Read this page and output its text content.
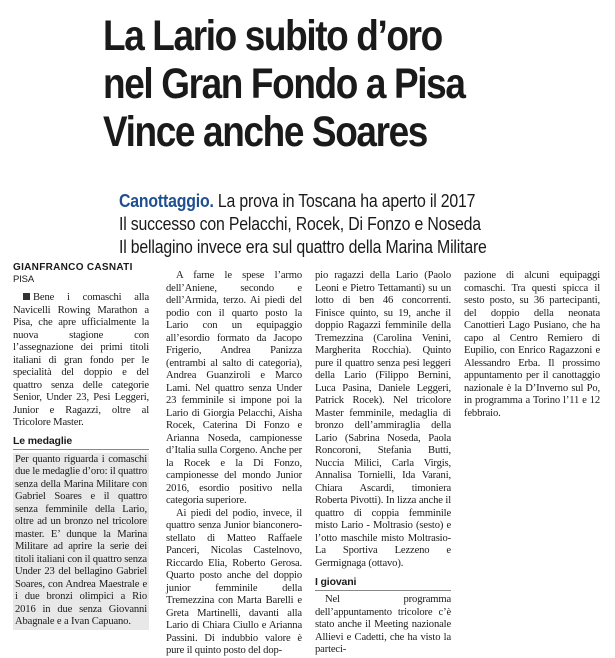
La Lario subito d’oro
nel Gran Fondo a Pisa
Vince anche Soares
Canottaggio. La prova in Toscana ha aperto il 2017
Il successo con Pelacchi, Rocek, Di Fonzo e Noseda
Il bellagino invece era sul quattro della Marina Militare
GIANFRANCO CASNATI
PISA

Bene i comaschi alla Navicelli Rowing Marathon a Pisa, che apre ufficialmente la nuova stagione con l’assegnazione dei primi titoli italiani di gran fondo per le specialità del doppio e del quattro senza delle categorie Senior, Under 23, Pesi Leggeri, Junior e Ragazzi, oltre al Tricolore Master.

Le medaglie

Per quanto riguarda i comaschi due le medaglie d’oro: il quattro senza della Marina Militare con Gabriel Soares e il quattro senza femminile della Lario, oltre ad un bronzo nel tricolore master. E’ dunque la Marina Militare ad aprire la serie dei titoli italiani con il quattro senza Under 23 del bellagino Gabriel Soares, con Andrea Maestrale e i due bronzi olimpici a Rio 2016 in due senza Giovanni Abagnale e a Ivan Capuano.

A farne le spese l’armo dell’Aniene, secondo e dell’Armida, terzo. Ai piedi del podio con il quarto posto la Lario con un equipaggio all’esordio formato da Jacopo Frigerio, Andrea Panizza (entrambi al salto di categoria), Andrea Guanziroli e Marco Lami. Nel quattro senza Under 23 femminile si impone poi la Lario di Giorgia Pelacchi, Aisha Rocek, Caterina Di Fonzo e Arianna Noseda, campionesse d’Italia sulla Corgeno. Anche per la Rocek e la Di Fonzo, campionesse del mondo Junior 2016, esordio positivo nella categoria superiore.

Ai piedi del podio, invece, il quattro senza Junior bianconero-stellato di Matteo Raffaele Panceri, Nicolas Castelnovo, Riccardo Elia, Roberto Gerosa. Quarto posto anche del doppio junior femminile della Tremezzina con Marta Barelli e Greta Martinelli, davanti alla Lario di Chiara Ciullo e Arianna Passini. Di indubbio valore è pure il quinto posto del dop-

pio ragazzi della Lario (Paolo Leoni e Pietro Tettamanti) su un lotto di ben 46 concorrenti. Finisce quinto, su 19, anche il doppio Ragazzi femminile della Tremezzina (Carolina Venini, Margherita Rocchia). Quinto pure il quattro senza pesi leggeri della Lario (Filippo Bernini, Luca Pasina, Daniele Leggeri, Patrick Rocek). Nel tricolore Master femminile, medaglia di bronzo dell’ammiraglia della Lario (Sabrina Noseda, Paola Roncoroni, Stefania Butti, Nuccia Milici, Carla Virgis, Annalisa Tornielli, Ida Varani, Chiara Ascardi, timoniera Roberta Pivotti). In lizza anche il quattro di coppia femminile misto Lario - Moltrasio (sesto) e l’otto maschile misto Moltrasio-La Sportiva Lezzeno e Germignaga (ottavo).

I giovani

Nel programma dell’appuntamento tricolore c’è stato anche il Meeting nazionale Allievi e Cadetti, che ha visto la parteci-

pazione di alcuni equipaggi comaschi. Tra questi spicca il sesto posto, su 36 partecipanti, del doppio della neonata Canottieri Lago Pusiano, che ha capo al Centro Remiero di Eupilio, con Enrico Ragazzoni e Alessandro Erba. Il prossimo appuntamento per il canottaggio nazionale è la D’Inverno sul Po, in programma a Torino l’11 e 12 febbraio.
